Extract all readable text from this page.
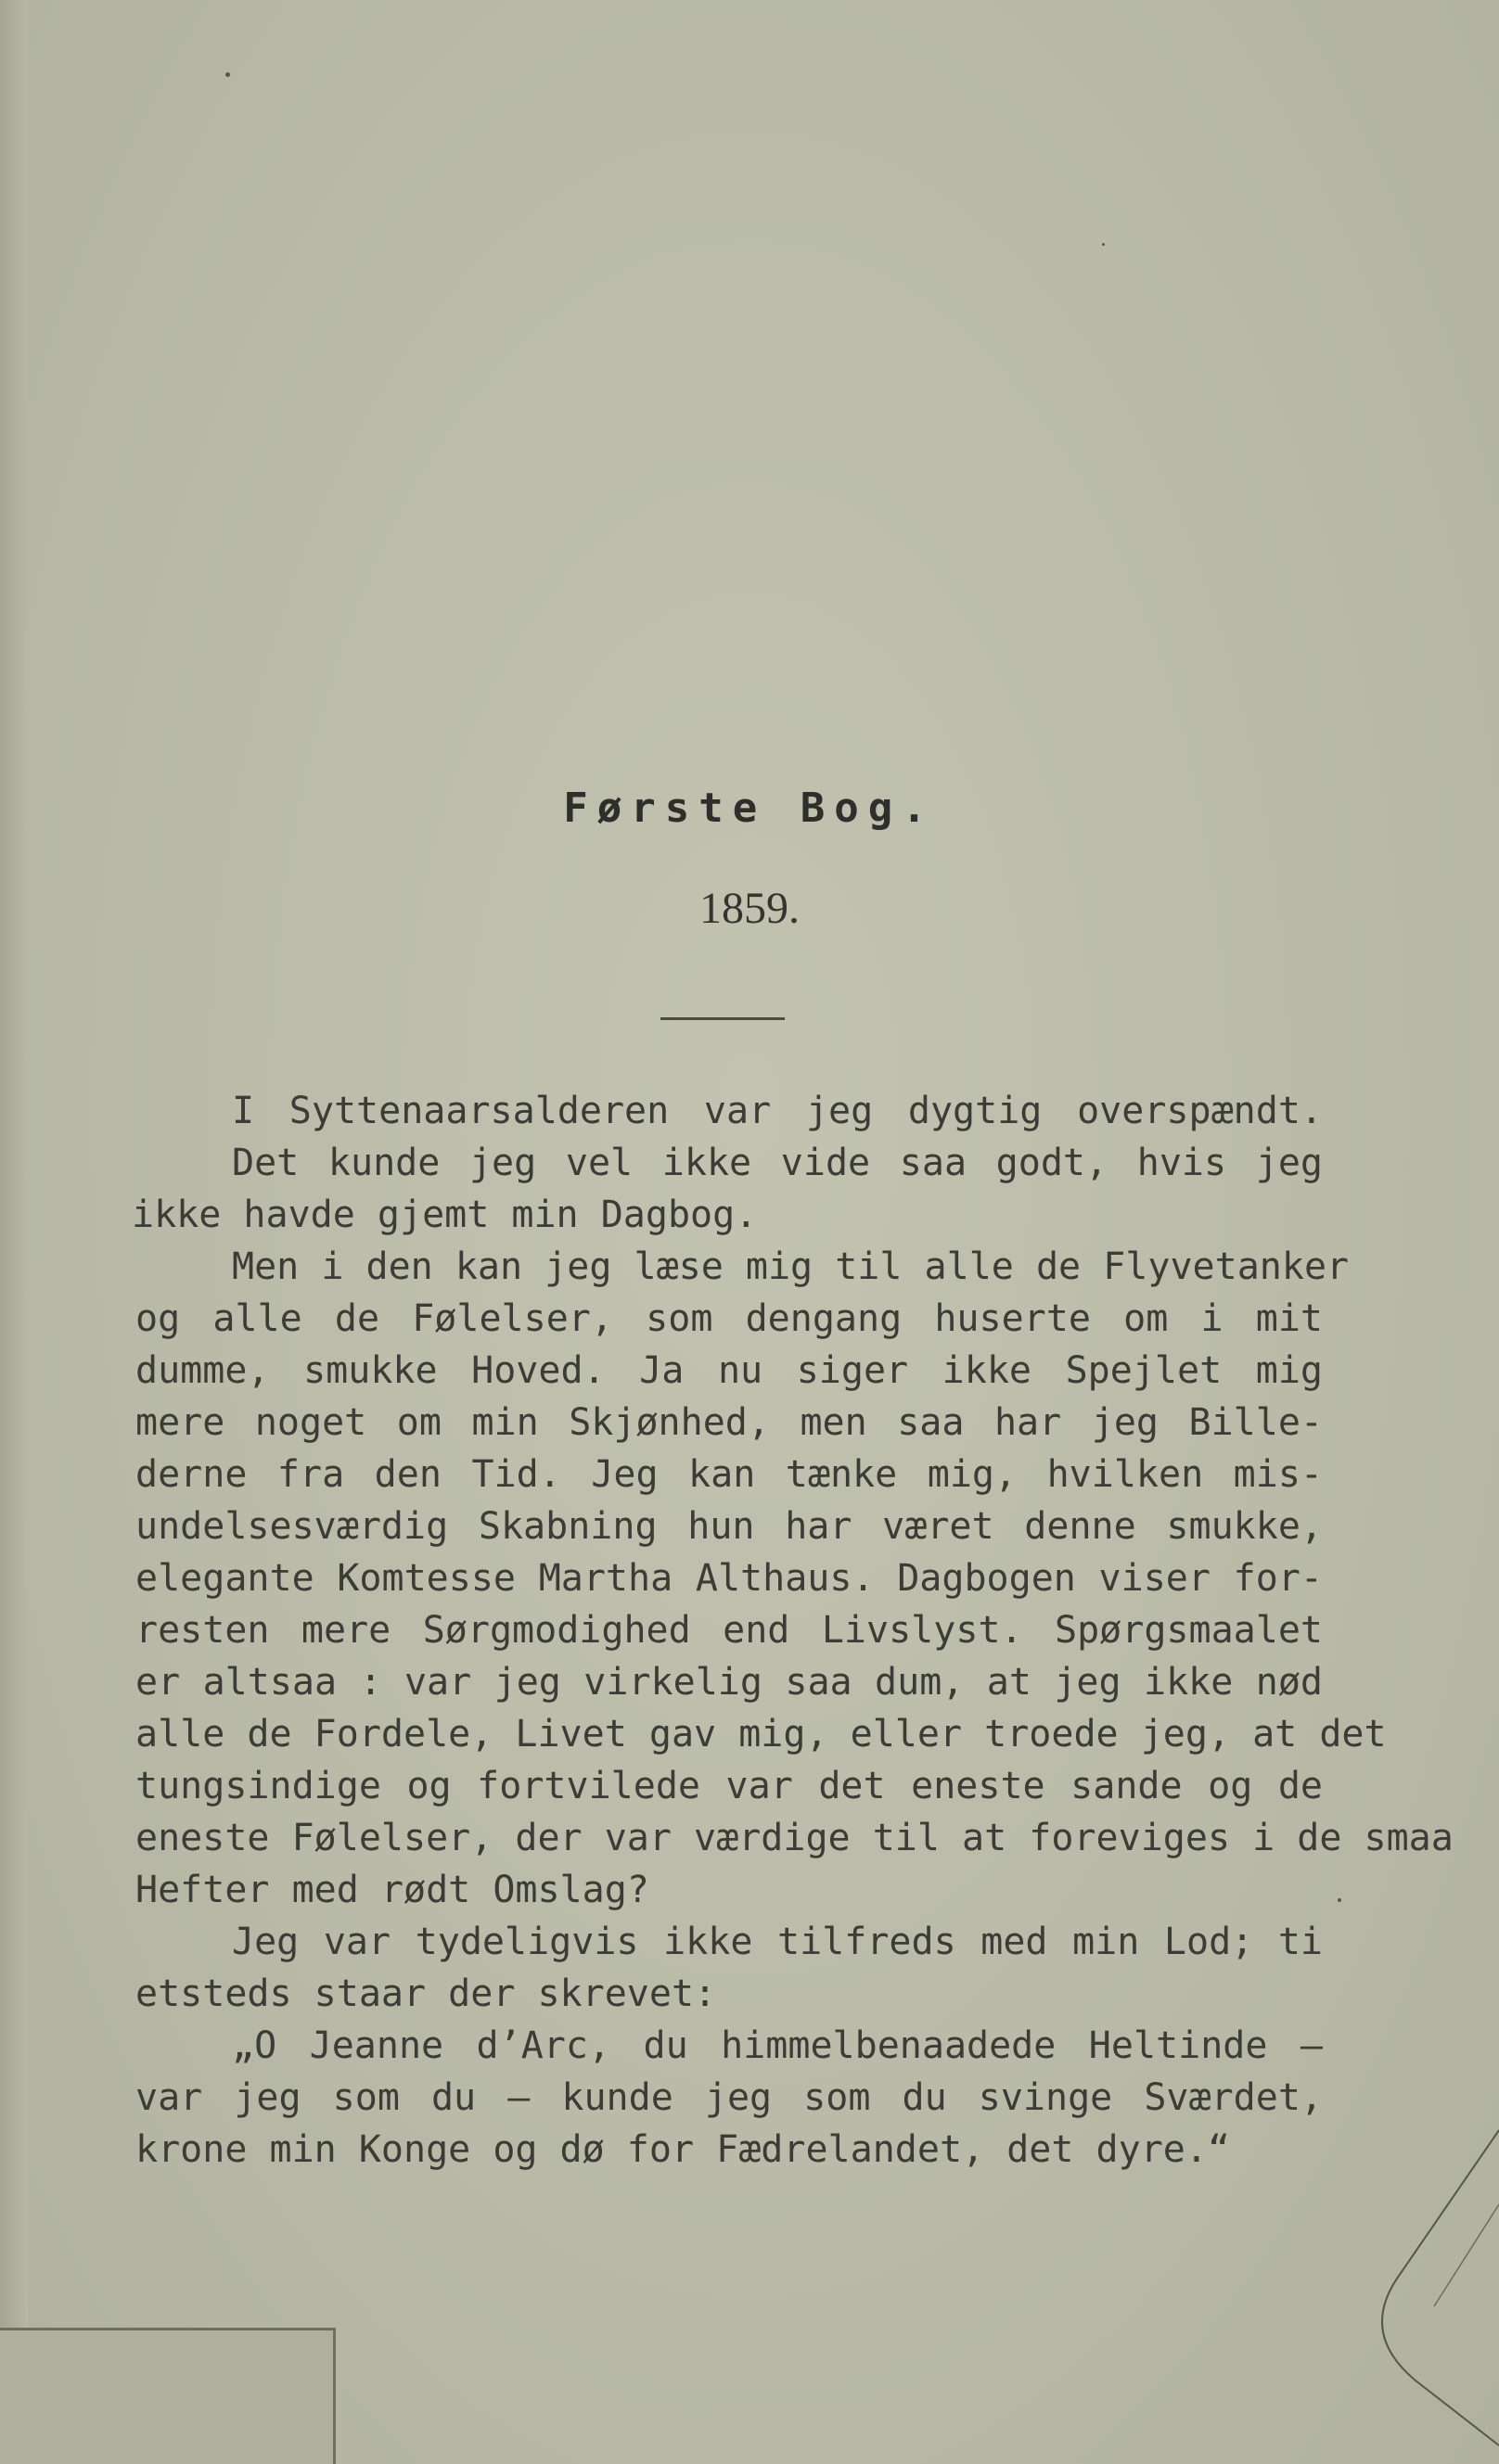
Første Bog.
1859.
I Syttenaarsalderen var jeg dygtig overspændt.
Det kunde jeg vel ikke vide saa godt, hvis jeg
ikke havde gjemt min Dagbog.
Men i den kan jeg læse mig til alle de Flyvetanker
og alle de Følelser, som dengang huserte om i mit
dumme, smukke Hoved. Ja nu siger ikke Spejlet mig
mere noget om min Skjønhed, men saa har jeg Bille-
derne fra den Tid. Jeg kan tænke mig, hvilken mis-
undelsesværdig Skabning hun har været denne smukke,
elegante Komtesse Martha Althaus. Dagbogen viser for-
resten mere Sørgmodighed end Livslyst. Spørgsmaalet
er altsaa : var jeg virkelig saa dum, at jeg ikke nød
alle de Fordele, Livet gav mig, eller troede jeg, at det
tungsindige og fortvilede var det eneste sande og de
eneste Følelser, der var værdige til at foreviges i de smaa
Hefter med rødt Omslag?
Jeg var tydeligvis ikke tilfreds med min Lod; ti
etsteds staar der skrevet:
„O Jeanne d’Arc, du himmelbenaadede Heltinde —
var jeg som du — kunde jeg som du svinge Sværdet,
krone min Konge og dø for Fædrelandet, det dyre.“
